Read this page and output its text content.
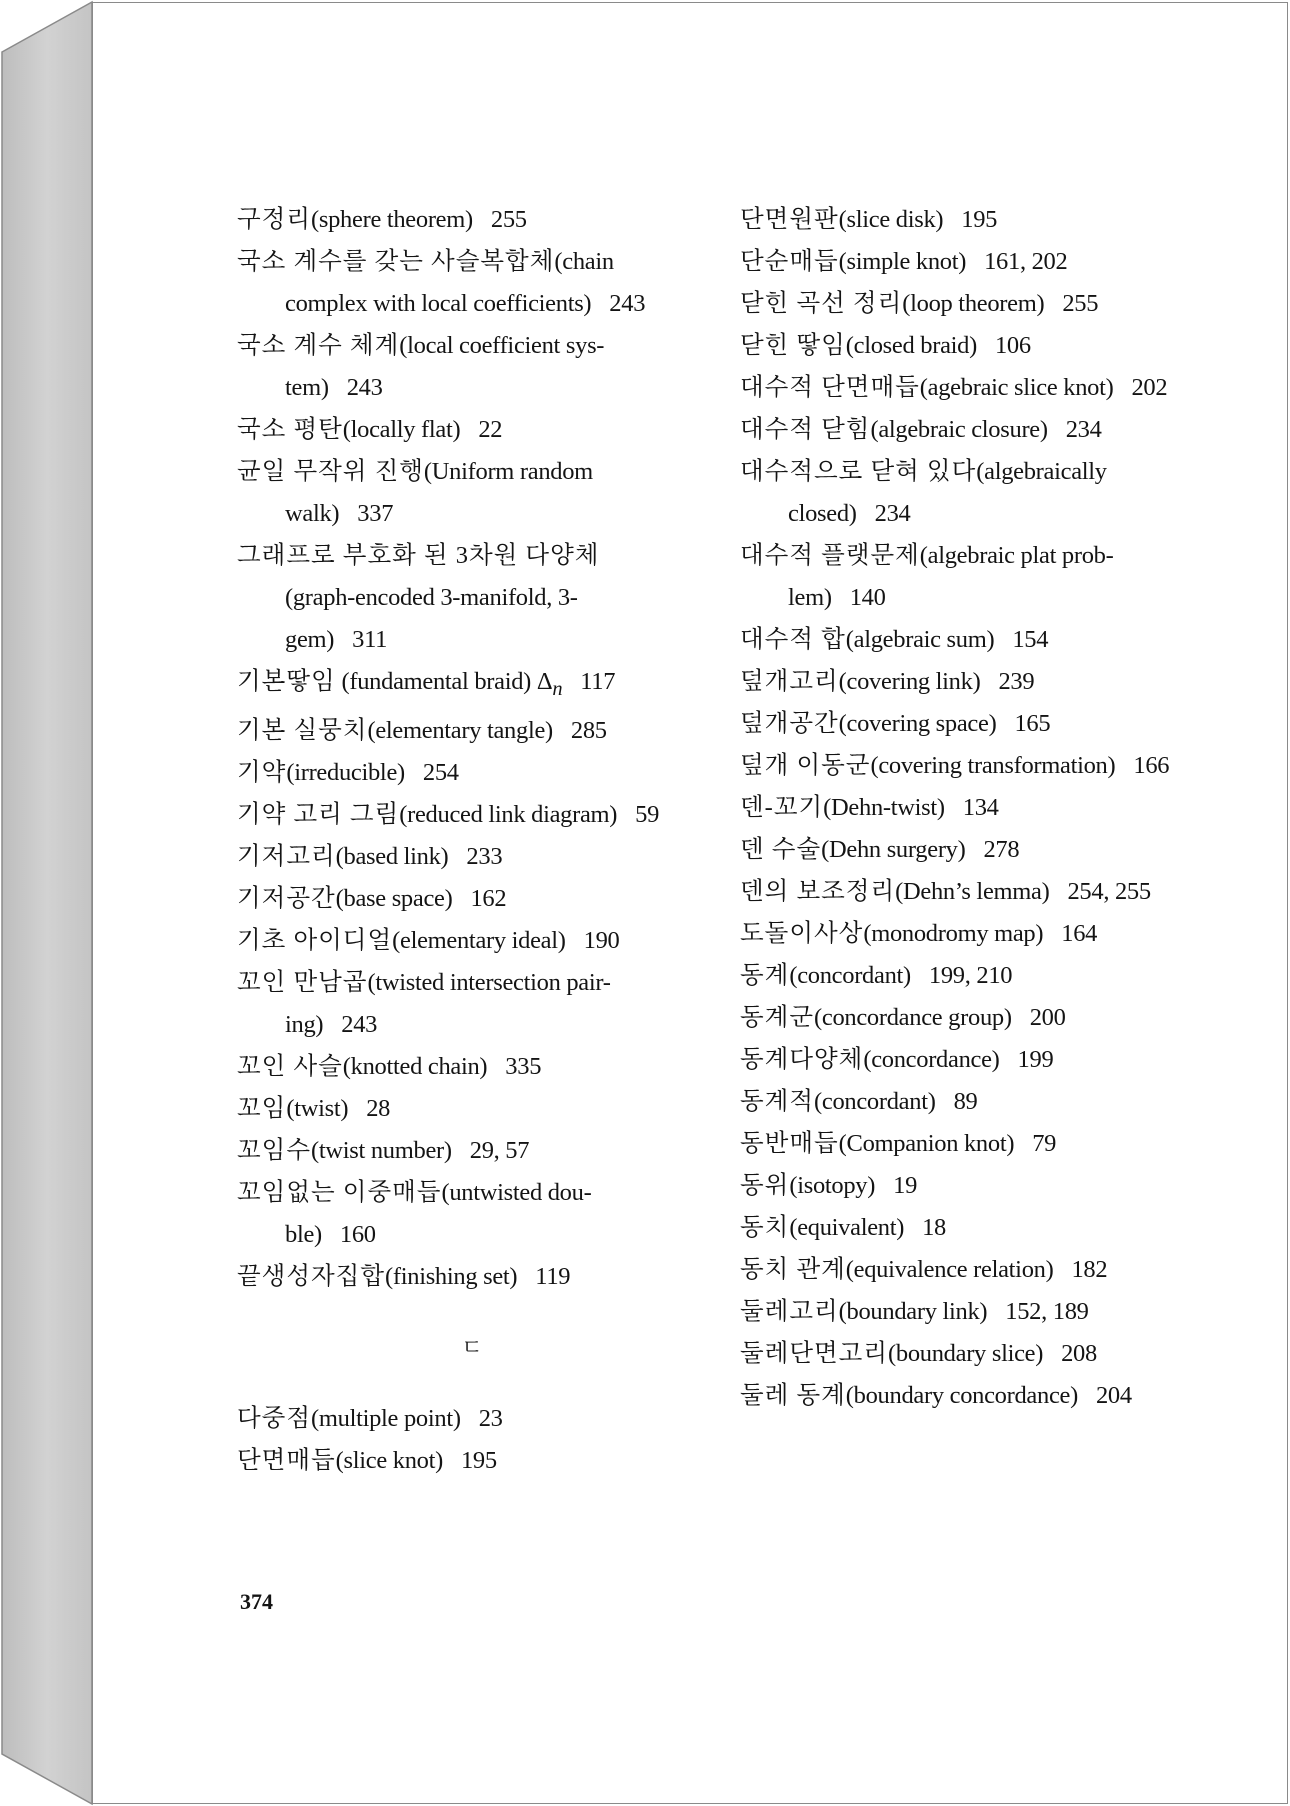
구정리(sphere theorem) 255
국소 계수를 갖는 사슬복합체(chain complex with local coefficients) 243
국소 계수 체계(local coefficient sys-tem) 243
국소 평탄(locally flat) 22
균일 무작위 진행(Uniform random walk) 337
그래프로 부호화 된 3차원 다양체(graph-encoded 3-manifold, 3-gem) 311
기본땋임 (fundamental braid) $\Delta_n$ 117
기본 실뭉치(elementary tangle) 285
기약(irreducible) 254
기약 고리 그림(reduced link diagram) 59
기저고리(based link) 233
기저공간(base space) 162
기초 아이디얼(elementary ideal) 190
꼬인 만남곱(twisted intersection pair-ing) 243
꼬인 사슬(knotted chain) 335
꼬임(twist) 28
꼬임수(twist number) 29, 57
꼬임없는 이중매듭(untwisted dou-ble) 160
끝생성자집합(finishing set) 119
ㄷ
다중점(multiple point) 23
단면매듭(slice knot) 195
단면원판(slice disk) 195
단순매듭(simple knot) 161, 202
닫힌 곡선 정리(loop theorem) 255
닫힌 땋임(closed braid) 106
대수적 단면매듭(agebraic slice knot) 202
대수적 닫힘(algebraic closure) 234
대수적으로 닫혀 있다(algebraically closed) 234
대수적 플랫문제(algebraic plat prob-lem) 140
대수적 합(algebraic sum) 154
덮개고리(covering link) 239
덮개공간(covering space) 165
덮개 이동군(covering transformation) 166
덴-꼬기(Dehn-twist) 134
덴 수술(Dehn surgery) 278
덴의 보조정리(Dehn’s lemma) 254, 255
도돌이사상(monodromy map) 164
동계(concordant) 199, 210
동계군(concordance group) 200
동계다양체(concordance) 199
동계적(concordant) 89
동반매듭(Companion knot) 79
동위(isotopy) 19
동치(equivalent) 18
동치 관계(equivalence relation) 182
둘레고리(boundary link) 152, 189
둘레단면고리(boundary slice) 208
둘레 동계(boundary concordance) 204
374
